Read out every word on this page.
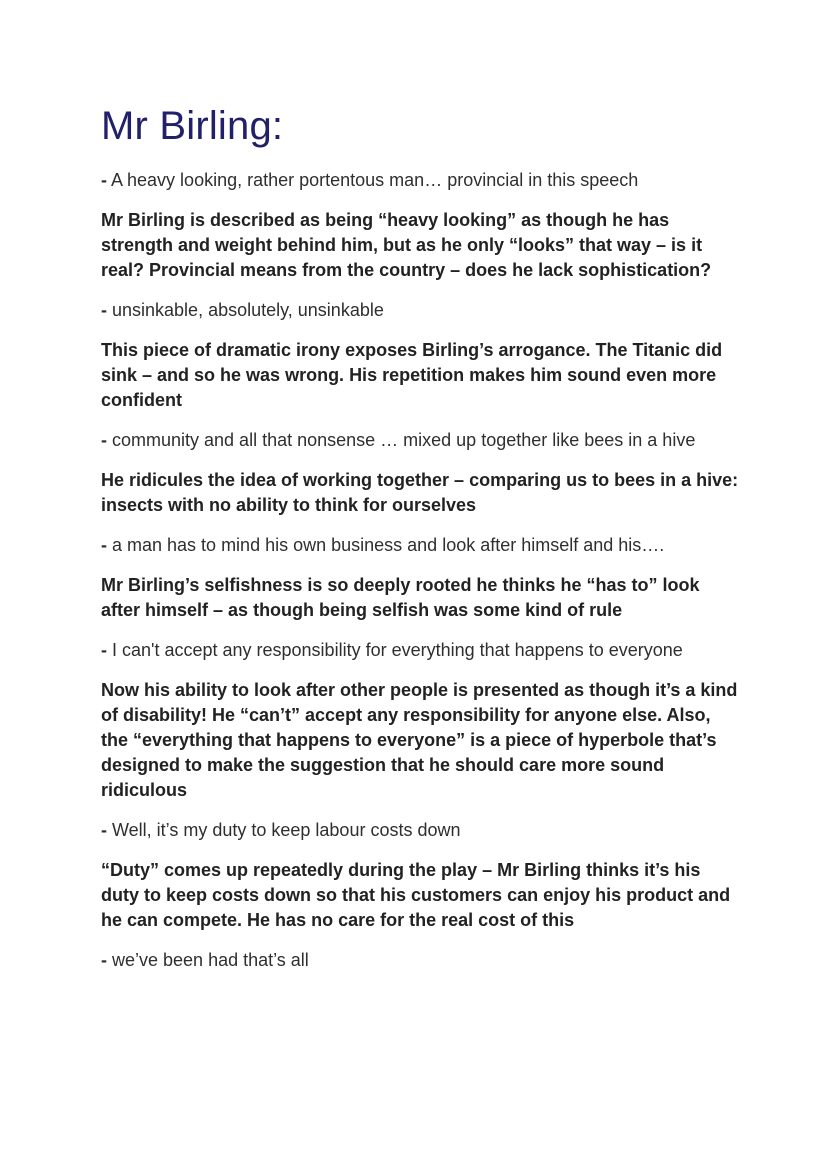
Mr Birling:

- A heavy looking, rather portentous man… provincial in this speech

Mr Birling is described as being “heavy looking” as though he has strength and weight behind him, but as he only “looks” that way – is it real? Provincial means from the country – does he lack sophistication?

- unsinkable, absolutely, unsinkable

This piece of dramatic irony exposes Birling’s arrogance. The Titanic did sink – and so he was wrong. His repetition makes him sound even more confident

- community and all that nonsense … mixed up together like bees in a hive

He ridicules the idea of working together – comparing us to bees in a hive: insects with no ability to think for ourselves

- a man has to mind his own business and look after himself and his….

Mr Birling’s selfishness is so deeply rooted he thinks he “has to” look after himself – as though being selfish was some kind of rule

- I can't accept any responsibility for everything that happens to everyone

Now his ability to look after other people is presented as though it’s a kind of disability! He “can’t” accept any responsibility for anyone else. Also, the “everything that happens to everyone” is a piece of hyperbole that’s designed to make the suggestion that he should care more sound ridiculous

- Well, it’s my duty to keep labour costs down

“Duty” comes up repeatedly during the play – Mr Birling thinks it’s his duty to keep costs down so that his customers can enjoy his product and he can compete. He has no care for the real cost of this

- we’ve been had that’s all
